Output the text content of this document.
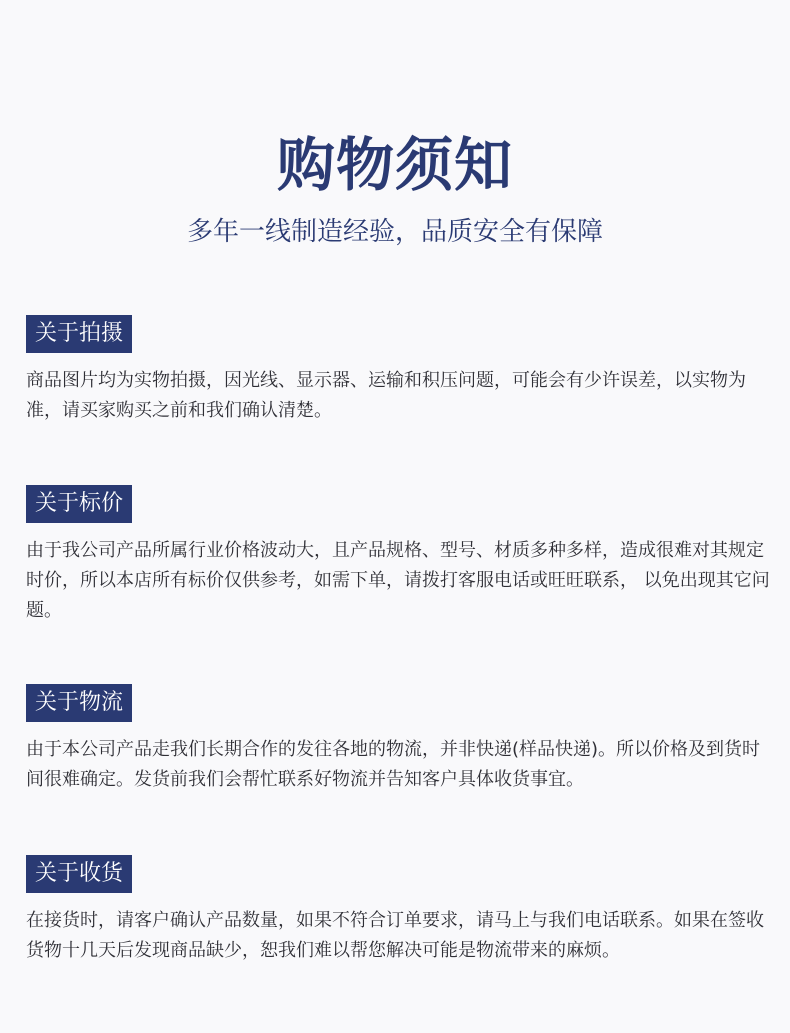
购物须知
多年一线制造经验，品质安全有保障
关于拍摄
商品图片均为实物拍摄，因光线、显示器、运输和积压问题，可能会有少许误差，以实物为准，请买家购买之前和我们确认清楚。
关于标价
由于我公司产品所属行业价格波动大，且产品规格、型号、材质多种多样，造成很难对其规定时价，所以本店所有标价仅供参考，如需下单，请拨打客服电话或旺旺联系， 以免出现其它问题。
关于物流
由于本公司产品走我们长期合作的发往各地的物流，并非快递(样品快递)。所以价格及到货时间很难确定。发货前我们会帮忙联系好物流并告知客户具体收货事宜。
关于收货
在接货时，请客户确认产品数量，如果不符合订单要求，请马上与我们电话联系。如果在签收货物十几天后发现商品缺少，恕我们难以帮您解决可能是物流带来的麻烦。
